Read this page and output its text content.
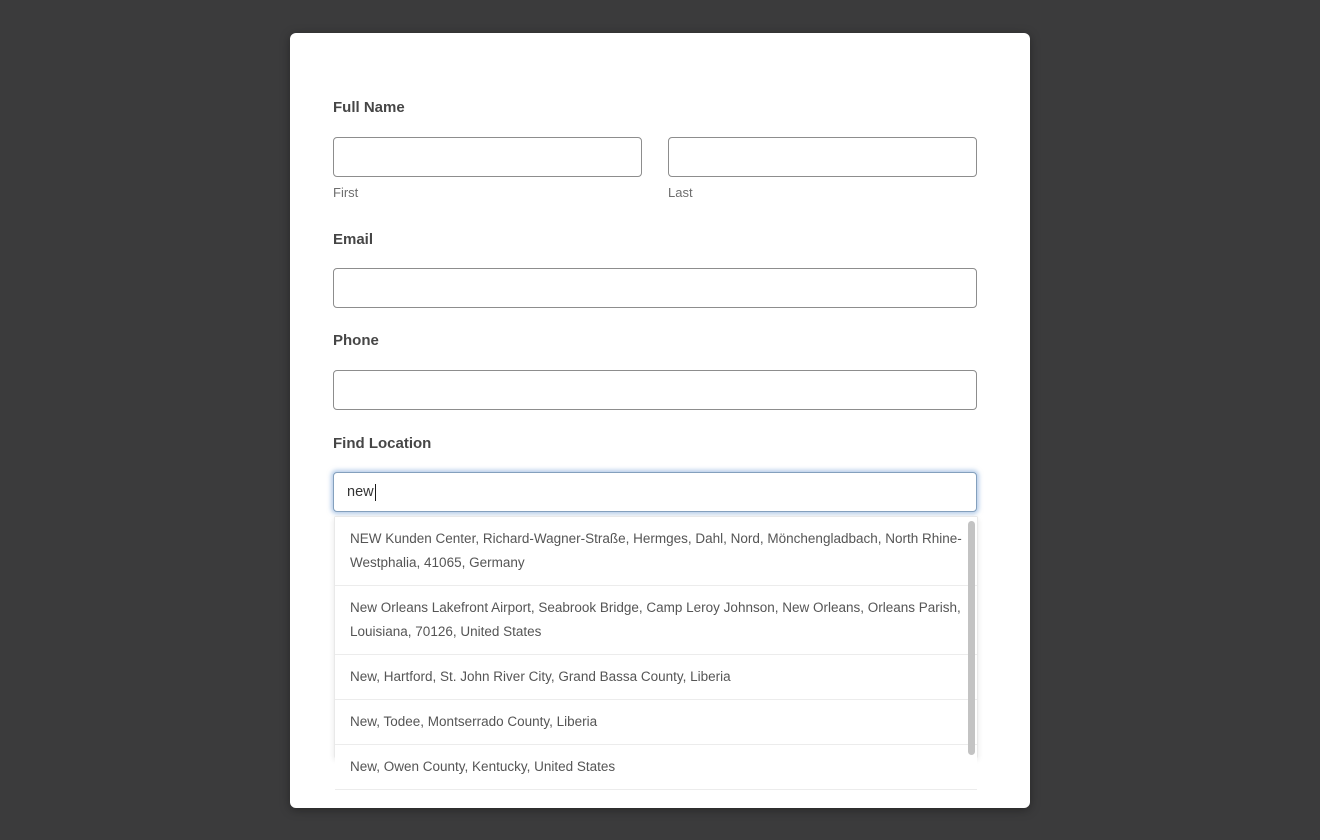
Full Name
First	Last
Email
Phone
Find Location
new
NEW Kunden Center, Richard-Wagner-Straße, Hermges, Dahl, Nord, Mönchengladbach, North Rhine-Westphalia, 41065, Germany
New Orleans Lakefront Airport, Seabrook Bridge, Camp Leroy Johnson, New Orleans, Orleans Parish, Louisiana, 70126, United States
New, Hartford, St. John River City, Grand Bassa County, Liberia
New, Todee, Montserrado County, Liberia
New, Owen County, Kentucky, United States
